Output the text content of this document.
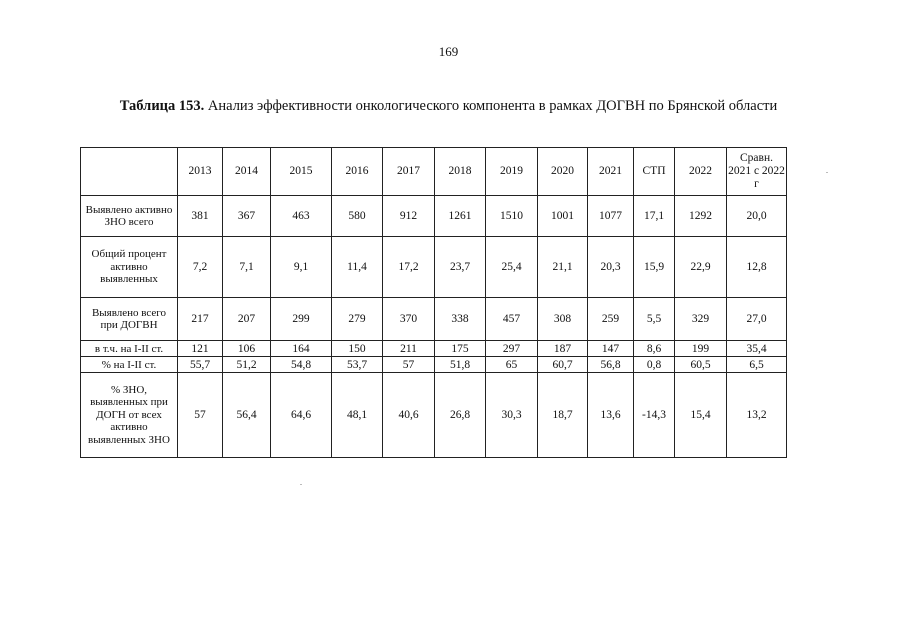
169
Таблица 153. Анализ эффективности онкологического компонента в рамках ДОГВН по Брянской области
	2013	2014	2015	2016	2017	2018	2019	2020	2021	СТП	2022	Сравн. 2021 с 2022 г
Выявлено активно ЗНО всего	381	367	463	580	912	1261	1510	1001	1077	17,1	1292	20,0
Общий процент активно выявленных	7,2	7,1	9,1	11,4	17,2	23,7	25,4	21,1	20,3	15,9	22,9	12,8
Выявлено всего при ДОГВН	217	207	299	279	370	338	457	308	259	5,5	329	27,0
в т.ч. на I-II ст.	121	106	164	150	211	175	297	187	147	8,6	199	35,4
% на I-II ст.	55,7	51,2	54,8	53,7	57	51,8	65	60,7	56,8	0,8	60,5	6,5
% ЗНО, выявленных при ДОГН от всех активно выявленных ЗНО	57	56,4	64,6	48,1	40,6	26,8	30,3	18,7	13,6	-14,3	15,4	13,2
